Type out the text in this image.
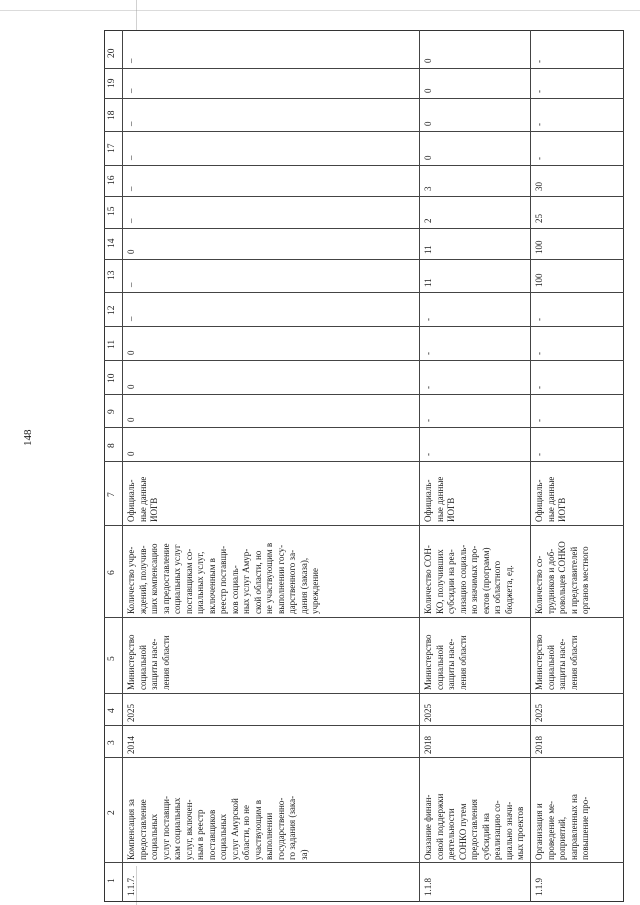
148
1
2
3
4
5
6
7
8
9
10
11
12
13
14
15
16
17
18
19
20
1.1.7.
Компенсация за
предоставление
социальных
услуг поставщи-
кам социальных
услуг, включен-
ным в реестр
поставщиков
социальных
услуг Амурской
области, но не
участвующим в
выполнении
государственно-
го задания (зака-
за)
2014
2025
Министерство
социальной
защиты насе-
ления области
Количество учре-
ждений, получив-
ших компенсацию
за предоставление
социальных услуг
поставщикам со-
циальных услуг,
включенным в
реестр поставщи-
ков социаль-
ных услуг Амур-
ской области, но
не участвующим в
выполнении госу-
дарственного за-
дания (заказа),
учреждение
Официаль-
ные данные
ИОГВ
0
0
0
0
–
–
0
–
–
–
–
–
–
1.1.8
Оказание финан-
совой поддержки
деятельности
СОНКО путем
предоставления
субсидий на
реализацию со-
циально значи-
мых проектов
2018
2025
Министерство
социальной
защиты насе-
ления области
Количество СОН-
КО, получивших
субсидии на реа-
лизацию социаль-
но значимых про-
ектов (программ)
из областного
бюджета, ед.
Официаль-
ные данные
ИОГВ
-
-
-
-
-
11
11
2
3
0
0
0
0
1.1.9
Организация и
проведение ме-
роприятий,
направленных на
повышение про-
2018
2025
Министерство
социальной
защиты насе-
ления области
Количество со-
трудников и доб-
ровольцев СОНКО
и представителей
органов местного
Официаль-
ные данные
ИОГВ
-
-
-
-
-
100
100
25
30
-
-
-
-
